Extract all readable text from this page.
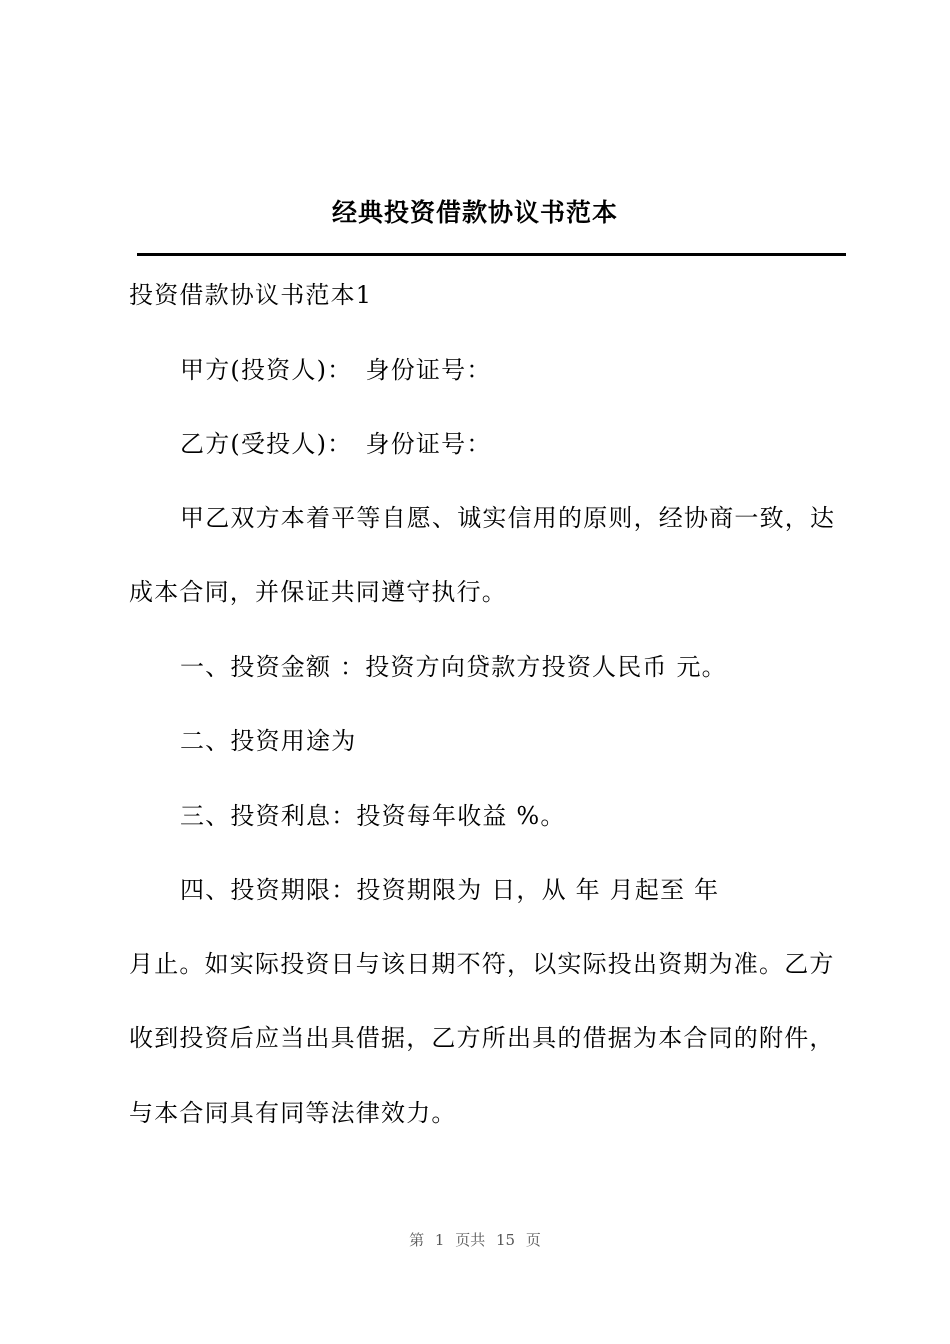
经典投资借款协议书范本
投资借款协议书范本1
甲方(投资人)：　身份证号：
乙方(受投人)：　身份证号：
甲乙双方本着平等自愿、诚实信用的原则，经协商一致，达
成本合同，并保证共同遵守执行。
一、投资金额 ：投资方向贷款方投资人民币 元。
二、投资用途为
三、投资利息：投资每年收益 %。
四、投资期限：投资期限为 日，从 年 月起至 年
月止。如实际投资日与该日期不符，以实际投出资期为准。乙方
收到投资后应当出具借据，乙方所出具的借据为本合同的附件，
与本合同具有同等法律效力。
第 1 页共 15 页
